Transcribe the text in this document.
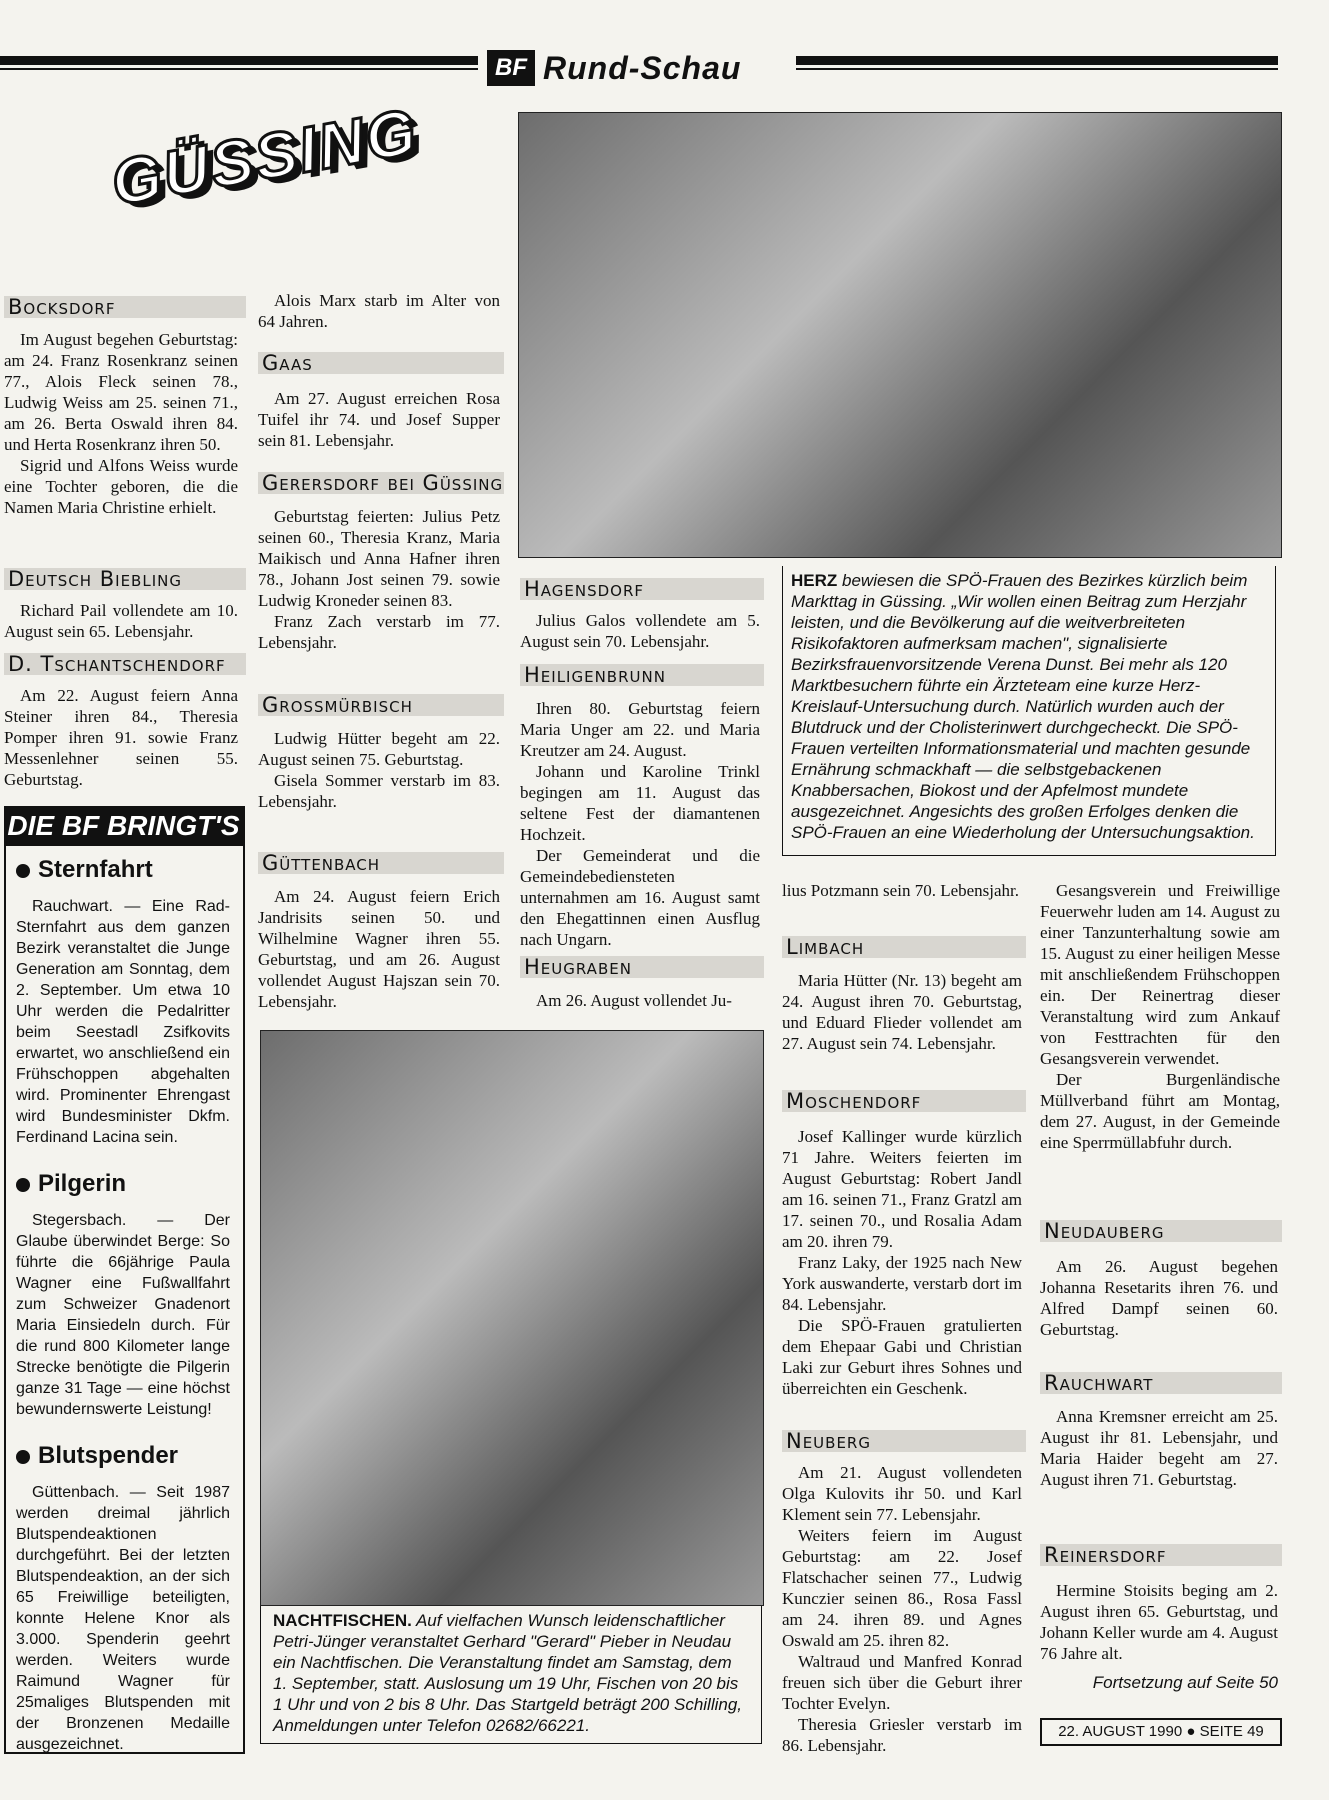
BF Rund-Schau
GÜSSING
Bocksdorf

Im August begehen Geburtstag: am 24. Franz Rosenkranz seinen 77., Alois Fleck seinen 78., Ludwig Weiss am 25. seinen 71., am 26. Berta Oswald ihren 84. und Herta Rosenkranz ihren 50.

Sigrid und Alfons Weiss wurde eine Tochter geboren, die die Namen Maria Christine erhielt.

Deutsch Biebling

Richard Pail vollendete am 10. August sein 65. Lebensjahr.

D. Tschantschendorf

Am 22. August feiern Anna Steiner ihren 84., Theresia Pomper ihren 91. sowie Franz Messenlehner seinen 55. Geburtstag.

DIE BF BRINGT'S
Sternfahrt

Rauchwart. — Eine Rad-Sternfahrt aus dem ganzen Bezirk veranstaltet die Junge Generation am Sonntag, dem 2. September. Um etwa 10 Uhr werden die Pedalritter beim Seestadl Zsifkovits erwartet, wo anschließend ein Frühschoppen abgehalten wird. Prominenter Ehrengast wird Bundesminister Dkfm. Ferdinand Lacina sein.

Pilgerin

Stegersbach. — Der Glaube überwindet Berge: So führte die 66jährige Paula Wagner eine Fußwallfahrt zum Schweizer Gnadenort Maria Einsiedeln durch. Für die rund 800 Kilometer lange Strecke benötigte die Pilgerin ganze 31 Tage — eine höchst bewundernswerte Leistung!

Blutspender

Güttenbach. — Seit 1987 werden dreimal jährlich Blutspendeaktionen durchgeführt. Bei der letzten Blutspendeaktion, an der sich 65 Freiwillige beteiligten, konnte Helene Knor als 3.000. Spenderin geehrt werden. Weiters wurde Raimund Wagner für 25maliges Blutspenden mit der Bronzenen Medaille ausgezeichnet.

Alois Marx starb im Alter von 64 Jahren.

Gaas

Am 27. August erreichen Rosa Tuifel ihr 74. und Josef Supper sein 81. Lebensjahr.

Gerersdorf bei Güssing

Geburtstag feierten: Julius Petz seinen 60., Theresia Kranz, Maria Maikisch und Anna Hafner ihren 78., Johann Jost seinen 79. sowie Ludwig Kroneder seinen 83.

Franz Zach verstarb im 77. Lebensjahr.

Grossmürbisch

Ludwig Hütter begeht am 22. August seinen 75. Geburtstag.

Gisela Sommer verstarb im 83. Lebensjahr.

Güttenbach

Am 24. August feiern Erich Jandrisits seinen 50. und Wilhelmine Wagner ihren 55. Geburtstag, und am 26. August vollendet August Hajszan sein 70. Lebensjahr.

Hagensdorf

Julius Galos vollendete am 5. August sein 70. Lebensjahr.

Heiligenbrunn

Ihren 80. Geburtstag feiern Maria Unger am 22. und Maria Kreutzer am 24. August.

Johann und Karoline Trinkl begingen am 11. August das seltene Fest der diamantenen Hochzeit.

Der Gemeinderat und die Gemeindebediensteten unternahmen am 16. August samt den Ehegattinnen einen Ausflug nach Ungarn.

Heugraben

Am 26. August vollendet Ju-

HERZ bewiesen die SPÖ-Frauen des Bezirkes kürzlich beim Markttag in Güssing. „Wir wollen einen Beitrag zum Herzjahr leisten, und die Bevölkerung auf die weitverbreiteten Risikofaktoren aufmerksam machen", signalisierte Bezirksfrauenvorsitzende Verena Dunst. Bei mehr als 120 Marktbesuchern führte ein Ärzteteam eine kurze Herz-Kreislauf-Untersuchung durch. Natürlich wurden auch der Blutdruck und der Cholisterinwert durchgecheckt. Die SPÖ-Frauen verteilten Informationsmaterial und machten gesunde Ernährung schmackhaft — die selbstgebackenen Knabbersachen, Biokost und der Apfelmost mundete ausgezeichnet. Angesichts des großen Erfolges denken die SPÖ-Frauen an eine Wiederholung der Untersuchungsaktion.
NACHTFISCHEN. Auf vielfachen Wunsch leidenschaftlicher Petri-Jünger veranstaltet Gerhard "Gerard" Pieber in Neudau ein Nachtfischen. Die Veranstaltung findet am Samstag, dem 1. September, statt. Auslosung um 19 Uhr, Fischen von 20 bis 1 Uhr und von 2 bis 8 Uhr. Das Startgeld beträgt 200 Schilling, Anmeldungen unter Telefon 02682/66221.

lius Potzmann sein 70. Lebensjahr.

Limbach

Maria Hütter (Nr. 13) begeht am 24. August ihren 70. Geburtstag, und Eduard Flieder vollendet am 27. August sein 74. Lebensjahr.

Moschendorf

Josef Kallinger wurde kürzlich 71 Jahre. Weiters feierten im August Geburtstag: Robert Jandl am 16. seinen 71., Franz Gratzl am 17. seinen 70., und Rosalia Adam am 20. ihren 79.

Franz Laky, der 1925 nach New York auswanderte, verstarb dort im 84. Lebensjahr.

Die SPÖ-Frauen gratulierten dem Ehepaar Gabi und Christian Laki zur Geburt ihres Sohnes und überreichten ein Geschenk.

Neuberg

Am 21. August vollendeten Olga Kulovits ihr 50. und Karl Klement sein 77. Lebensjahr.

Weiters feiern im August Geburtstag: am 22. Josef Flatschacher seinen 77., Ludwig Kunczier seinen 86., Rosa Fassl am 24. ihren 89. und Agnes Oswald am 25. ihren 82.

Waltraud und Manfred Konrad freuen sich über die Geburt ihrer Tochter Evelyn.

Theresia Griesler verstarb im 86. Lebensjahr.

Gesangsverein und Freiwillige Feuerwehr luden am 14. August zu einer Tanzunterhaltung sowie am 15. August zu einer heiligen Messe mit anschließendem Frühschoppen ein. Der Reinertrag dieser Veranstaltung wird zum Ankauf von Festtrachten für den Gesangsverein verwendet.

Der Burgenländische Müllverband führt am Montag, dem 27. August, in der Gemeinde eine Sperrmüllabfuhr durch.

Neudauberg

Am 26. August begehen Johanna Resetarits ihren 76. und Alfred Dampf seinen 60. Geburtstag.

Rauchwart

Anna Kremsner erreicht am 25. August ihr 81. Lebensjahr, und Maria Haider begeht am 27. August ihren 71. Geburtstag.

Reinersdorf

Hermine Stoisits beging am 2. August ihren 65. Geburtstag, und Johann Keller wurde am 4. August 76 Jahre alt.

Fortsetzung auf Seite 50
22. AUGUST 1990 ● SEITE 49
